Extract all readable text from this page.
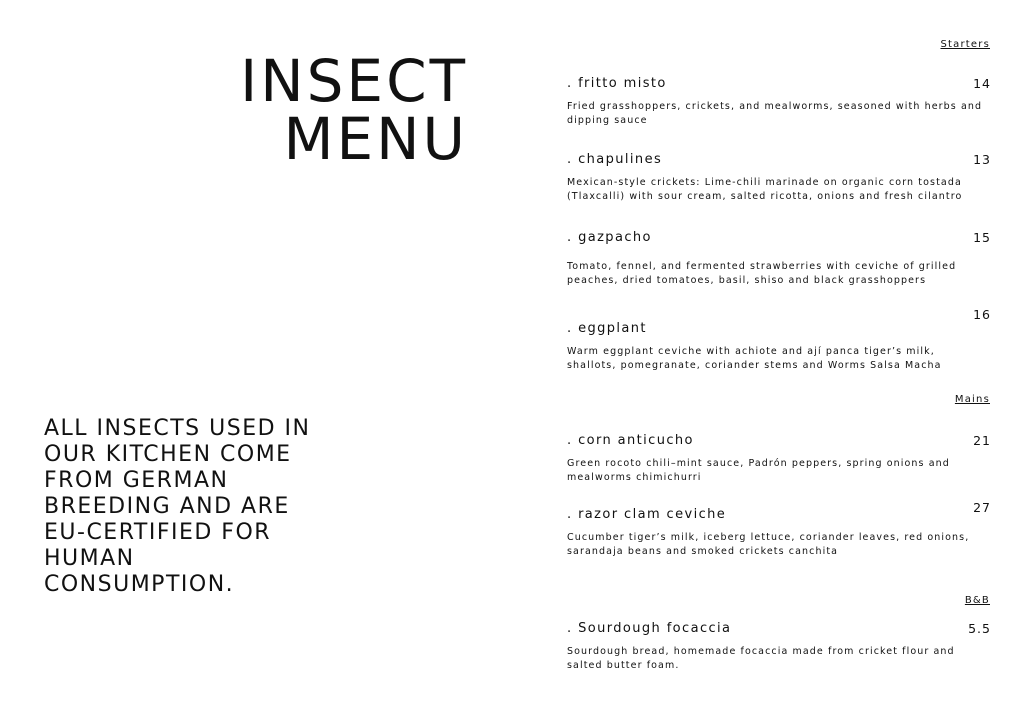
INSECT
MENU

ALL INSECTS USED IN OUR KITCHEN COME FROM GERMAN BREEDING AND ARE EU-CERTIFIED FOR HUMAN CONSUMPTION.

Starters
. fritto misto	14
Fried grasshoppers, crickets, and mealworms, seasoned with herbs and dipping sauce
. chapulines	13
Mexican-style crickets: Lime-chili marinade on organic corn tostada (Tlaxcalli) with sour cream, salted ricotta, onions and fresh cilantro
. gazpacho	15
Tomato, fennel, and fermented strawberries with ceviche of grilled peaches, dried tomatoes, basil, shiso and black grasshoppers
. eggplant
16
Warm eggplant ceviche with achiote and ají panca tiger’s milk, shallots, pomegranate, coriander stems and Worms Salsa Macha
Mains
. corn anticucho	21
Green rocoto chili–mint sauce, Padrón peppers, spring onions and mealworms chimichurri
. razor clam ceviche	27
Cucumber tiger’s milk, iceberg lettuce, coriander leaves, red onions, sarandaja beans and smoked crickets canchita
B&B
. Sourdough focaccia	5.5
Sourdough bread, homemade focaccia made from cricket flour and salted butter foam.
